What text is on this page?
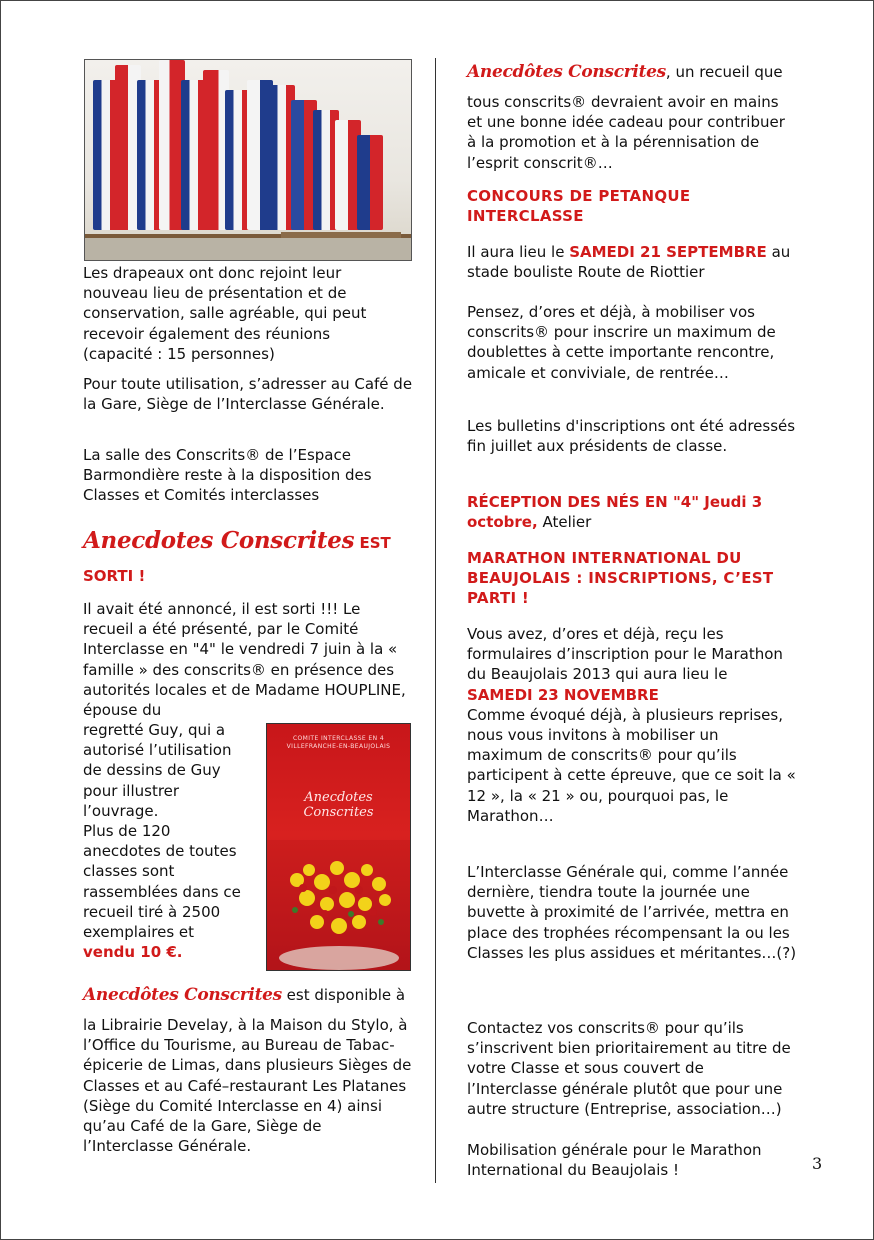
Les drapeaux ont donc rejoint leur nouveau lieu de présentation et de conservation, salle agréable, qui peut recevoir également des réunions (capacité : 15 personnes)

Pour toute utilisation, s’adresser au Café de la Gare, Siège de l’Interclasse Générale.

La salle des Conscrits® de l’Espace Barmondière reste à la disposition des Classes et Comités interclasses

Anecdotes Conscrites EST

SORTI !

Il avait été annoncé, il est sorti !!! Le recueil a été présenté, par le Comité Interclasse en "4" le vendredi 7 juin à la « famille » des conscrits® en présence des autorités locales et de Madame HOUPLINE, épouse du

regretté Guy, qui a

autorisé l’utilisation

de dessins de Guy

pour illustrer

l’ouvrage.

Plus de 120

anecdotes de toutes

classes sont

rassemblées dans ce

recueil tiré à 2500

exemplaires et

vendu 10 €.

Anecdôtes Conscrites est disponible à

la Librairie Develay, à la Maison du Stylo, à l’Office du Tourisme, au Bureau de Tabac-épicerie de Limas, dans plusieurs Sièges de Classes et au Café–restaurant Les Platanes (Siège du Comité Interclasse en 4) ainsi qu’au Café de la Gare, Siège de l’Interclasse Générale.

COMITE INTERCLASSE EN 4
VILLEFRANCHE-EN-BEAUJOLAIS
Anecdotes Conscrites
Anecdôtes Conscrites, un recueil que

tous conscrits® devraient avoir en mains et une bonne idée cadeau pour contribuer à la promotion et à la pérennisation de l’esprit conscrit®…

CONCOURS DE PETANQUE INTERCLASSE

Il aura lieu le SAMEDI 21 SEPTEMBRE au stade bouliste Route de Riottier

Pensez, d’ores et déjà, à mobiliser vos conscrits® pour inscrire un maximum de doublettes à cette importante rencontre, amicale et conviviale, de rentrée…

Les bulletins d'inscriptions ont été adressés fin juillet aux présidents de classe.

RÉCEPTION DES NÉS EN "4" Jeudi 3 octobre, Atelier

MARATHON INTERNATIONAL DU BEAUJOLAIS : INSCRIPTIONS, C’EST PARTI !

Vous avez, d’ores et déjà, reçu les formulaires d’inscription pour le Marathon du Beaujolais 2013 qui aura lieu le SAMEDI 23 NOVEMBRE
Comme évoqué déjà, à plusieurs reprises, nous vous invitons à mobiliser un maximum de conscrits® pour qu’ils participent à cette épreuve, que ce soit la « 12 », la « 21 » ou, pourquoi pas, le Marathon…

L’Interclasse Générale qui, comme l’année dernière, tiendra toute la journée une buvette à proximité de l’arrivée, mettra en place des trophées récompensant la ou les Classes les plus assidues et méritantes…(?)

Contactez vos conscrits® pour qu’ils s’inscrivent bien prioritairement au titre de votre Classe et sous couvert de l’Interclasse générale plutôt que pour une autre structure (Entreprise, association…)

Mobilisation générale pour le Marathon International du Beaujolais !	3
